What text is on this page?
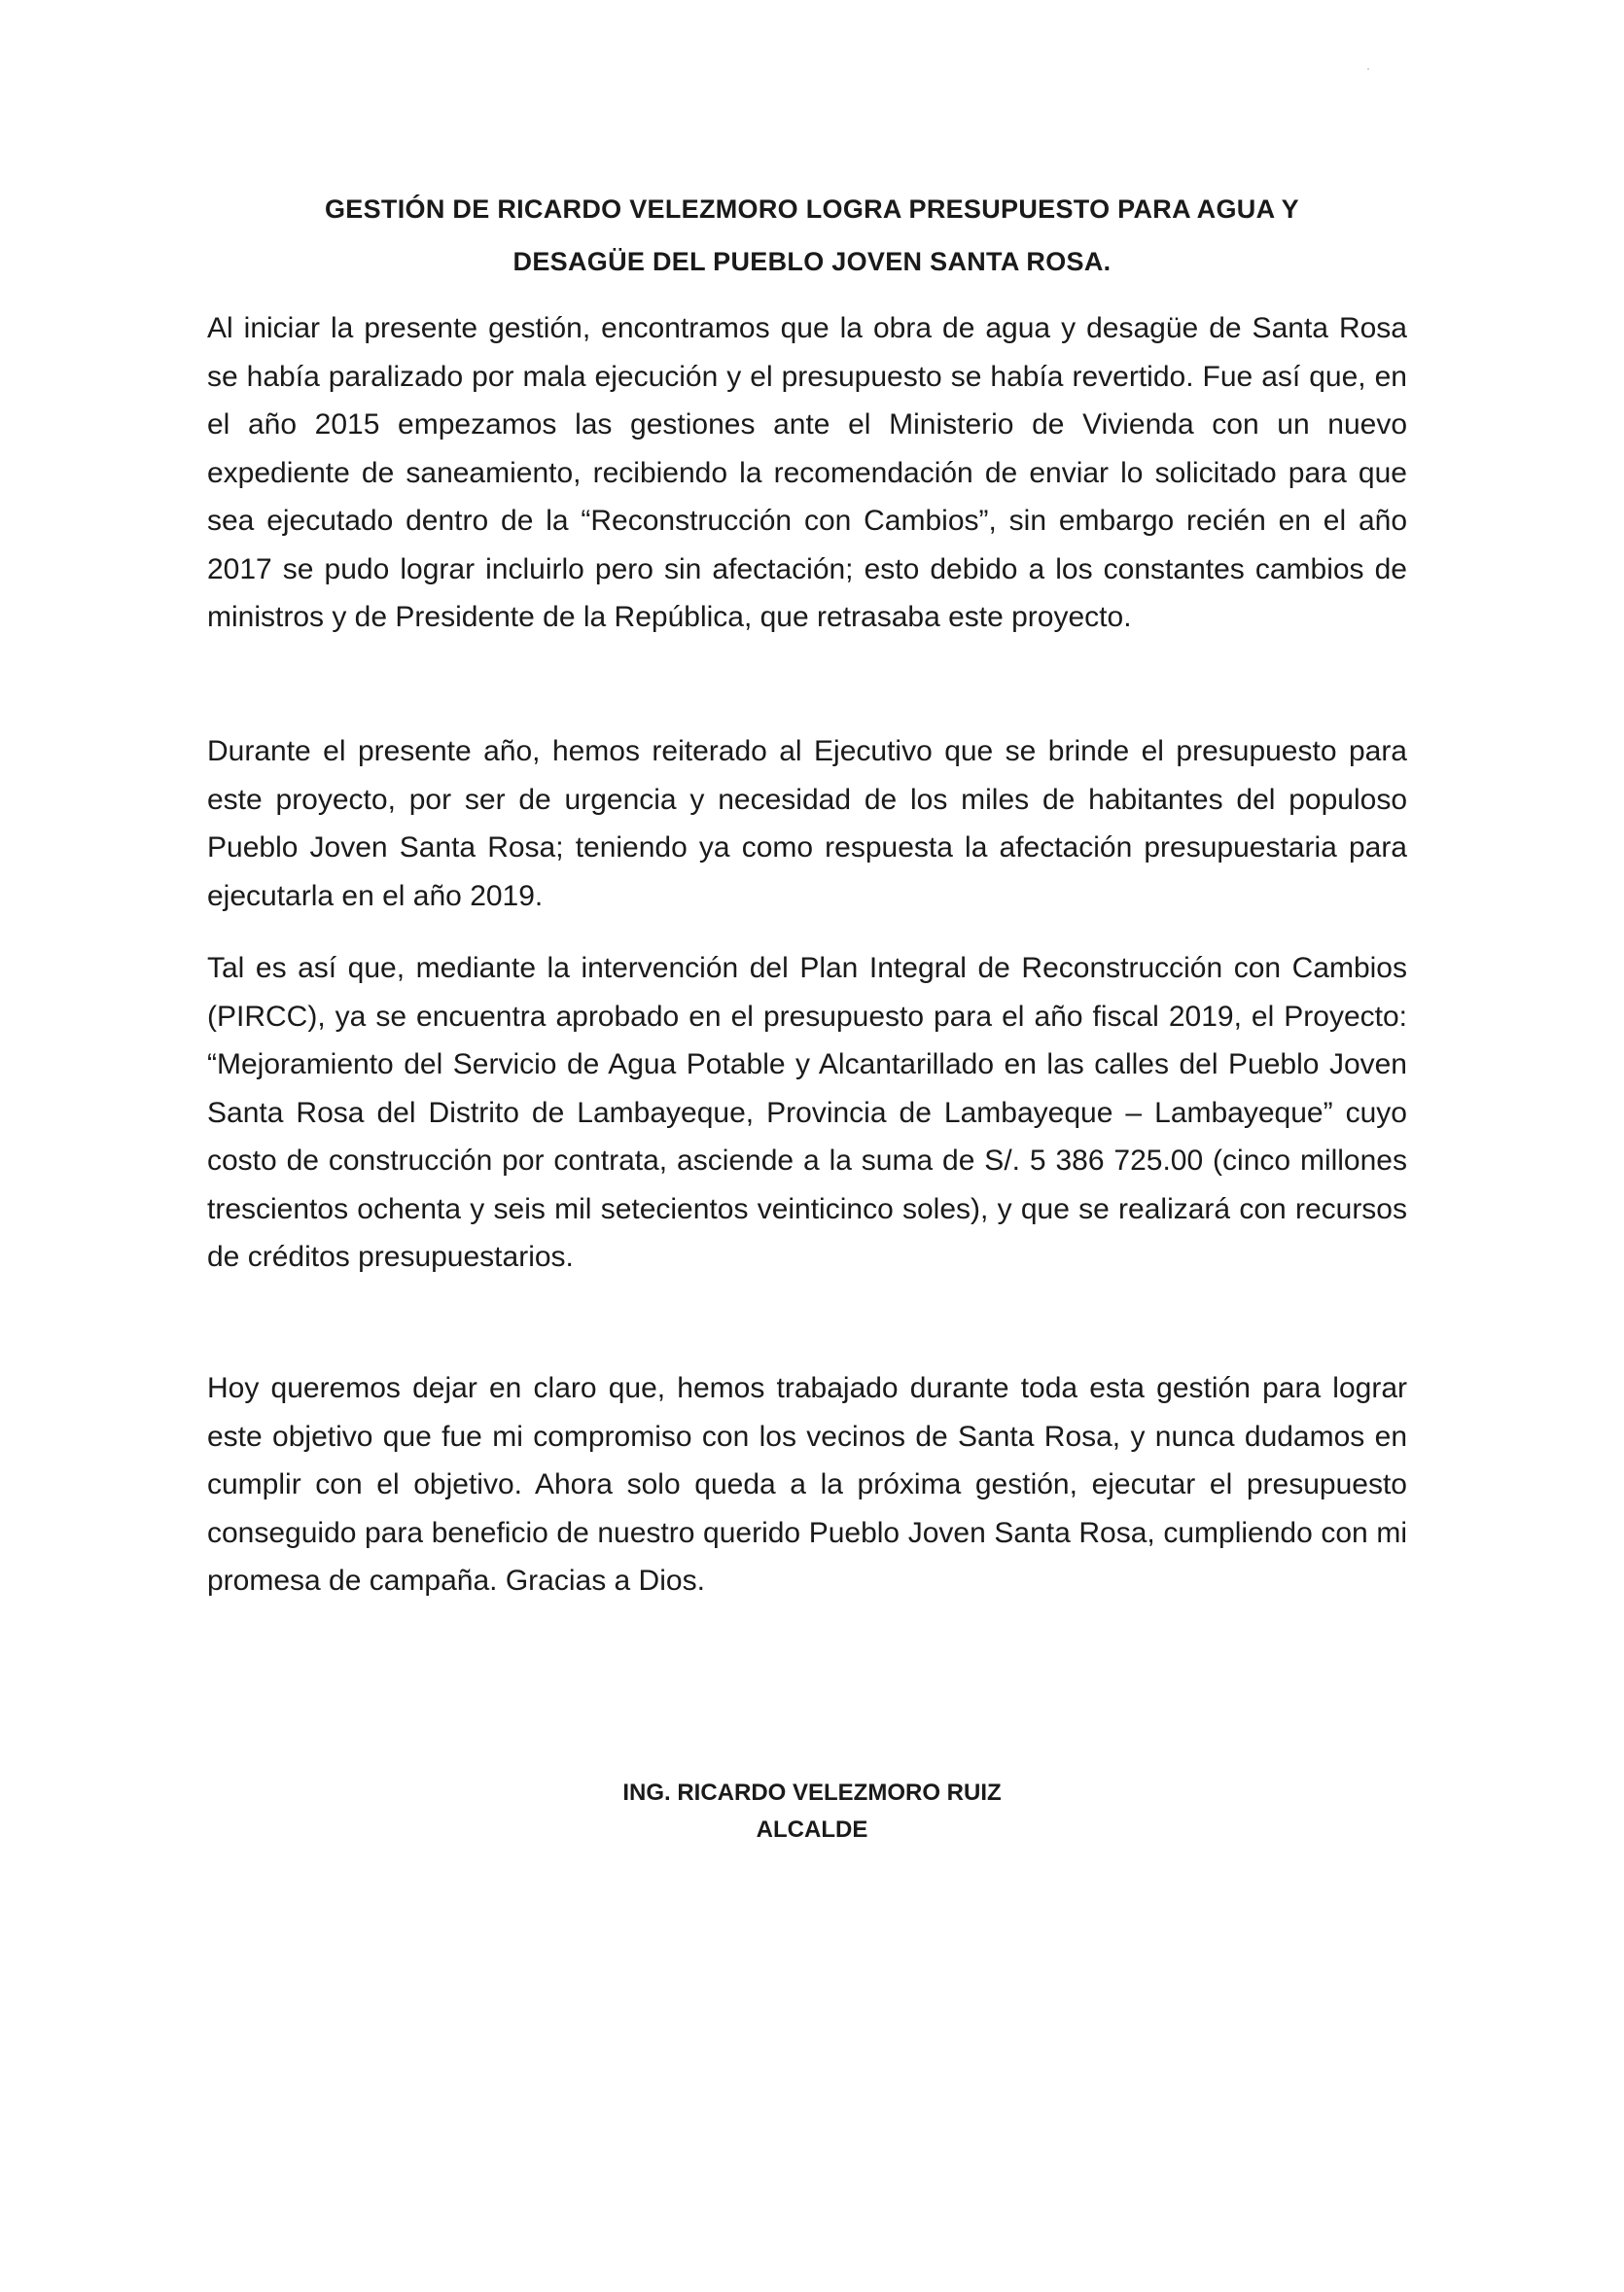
GESTIÓN DE RICARDO VELEZMORO LOGRA PRESUPUESTO PARA AGUA Y
DESAGÜE DEL PUEBLO JOVEN SANTA ROSA.

Al iniciar la presente gestión, encontramos que la obra de agua y desagüe de Santa Rosa se había paralizado por mala ejecución y el presupuesto se había revertido. Fue así que, en el año 2015 empezamos las gestiones ante el Ministerio de Vivienda con un nuevo expediente de saneamiento, recibiendo la recomendación de enviar lo solicitado para que sea ejecutado dentro de la “Reconstrucción con Cambios”, sin embargo recién en el año 2017 se pudo lograr incluirlo pero sin afectación; esto debido a los constantes cambios de ministros y de Presidente de la República, que retrasaba este proyecto.

Durante el presente año, hemos reiterado al Ejecutivo que se brinde el presupuesto para este proyecto, por ser de urgencia y necesidad de los miles de habitantes del populoso Pueblo Joven Santa Rosa; teniendo ya como respuesta la afectación presupuestaria para ejecutarla en el año 2019.

Tal es así que, mediante la intervención del Plan Integral de Reconstrucción con Cambios (PIRCC), ya se encuentra aprobado en el presupuesto para el año fiscal 2019, el Proyecto: “Mejoramiento del Servicio de Agua Potable y Alcantarillado en las calles del Pueblo Joven Santa Rosa del Distrito de Lambayeque, Provincia de Lambayeque – Lambayeque” cuyo costo de construcción por contrata, asciende a la suma de S/. 5 386 725.00 (cinco millones trescientos ochenta y seis mil setecientos veinticinco soles), y que se realizará con recursos de créditos presupuestarios.

Hoy queremos dejar en claro que, hemos trabajado durante toda esta gestión para lograr este objetivo que fue mi compromiso con los vecinos de Santa Rosa, y nunca dudamos en cumplir con el objetivo. Ahora solo queda a la próxima gestión, ejecutar el presupuesto conseguido para beneficio de nuestro querido Pueblo Joven Santa Rosa, cumpliendo con mi promesa de campaña. Gracias a Dios.

ING. RICARDO VELEZMORO RUIZ
ALCALDE
